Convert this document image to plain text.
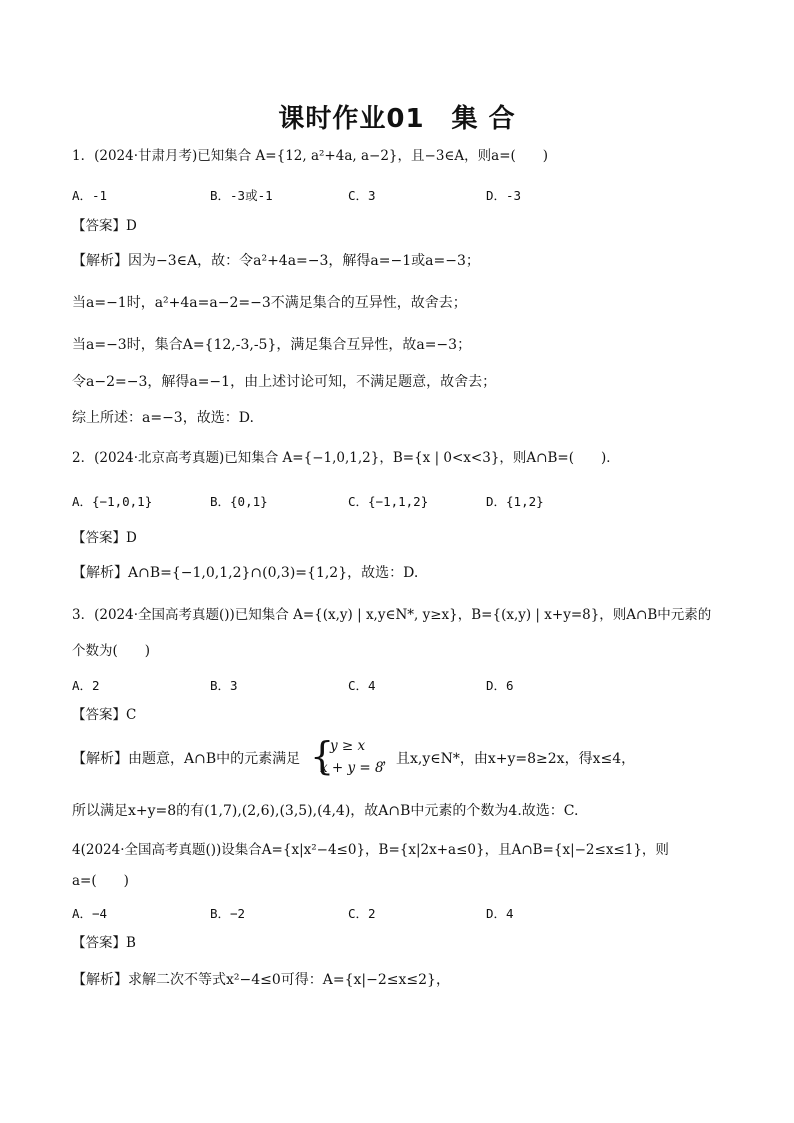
课时作业01　集 合
1．(2024·甘肃月考)已知集合 A={12, a²+4a, a−2}，且−3∈A，则a=(　　)
A．-1	B．-3或-1	C．3	D．-3
【答案】D
【解析】因为−3∈A，故：令a²+4a=−3，解得a=−1或a=−3；
当a=−1时，a²+4a=a−2=−3不满足集合的互异性，故舍去；
当a=−3时，集合A={12,-3,-5}，满足集合互异性，故a=−3；
令a−2=−3，解得a=−1，由上述讨论可知，不满足题意，故舍去；
综上所述：a=−3，故选：D.
2．(2024·北京高考真题)已知集合 A={−1,0,1,2}，B={x | 0<x<3}，则A∩B=(　　)．
A．{−1,0,1}	B．{0,1}	C．{−1,1,2}	D．{1,2}
【答案】D
【解析】A∩B={−1,0,1,2}∩(0,3)={1,2}，故选：D.
3．(2024·全国高考真题())已知集合 A={(x,y) | x,y∈N*, y≥x}，B={(x,y) | x+y=8}，则A∩B中元素的
个数为(　　)
A．2	B．3	C．4	D．6
【答案】C
【解析】由题意，A∩B中的元素满足 {
y ≥ x
x + y = 8
，且x,y∈N*，由x+y=8≥2x，得x≤4，
所以满足x+y=8的有(1,7),(2,6),(3,5),(4,4)，故A∩B中元素的个数为4.故选：C.
4(2024·全国高考真题())设集合A={x|x²−4≤0}，B={x|2x+a≤0}，且A∩B={x|−2≤x≤1}，则
a=(　　)
A．−4	B．−2	C．2	D．4
【答案】B
【解析】求解二次不等式x²−4≤0可得：A={x|−2≤x≤2}，
